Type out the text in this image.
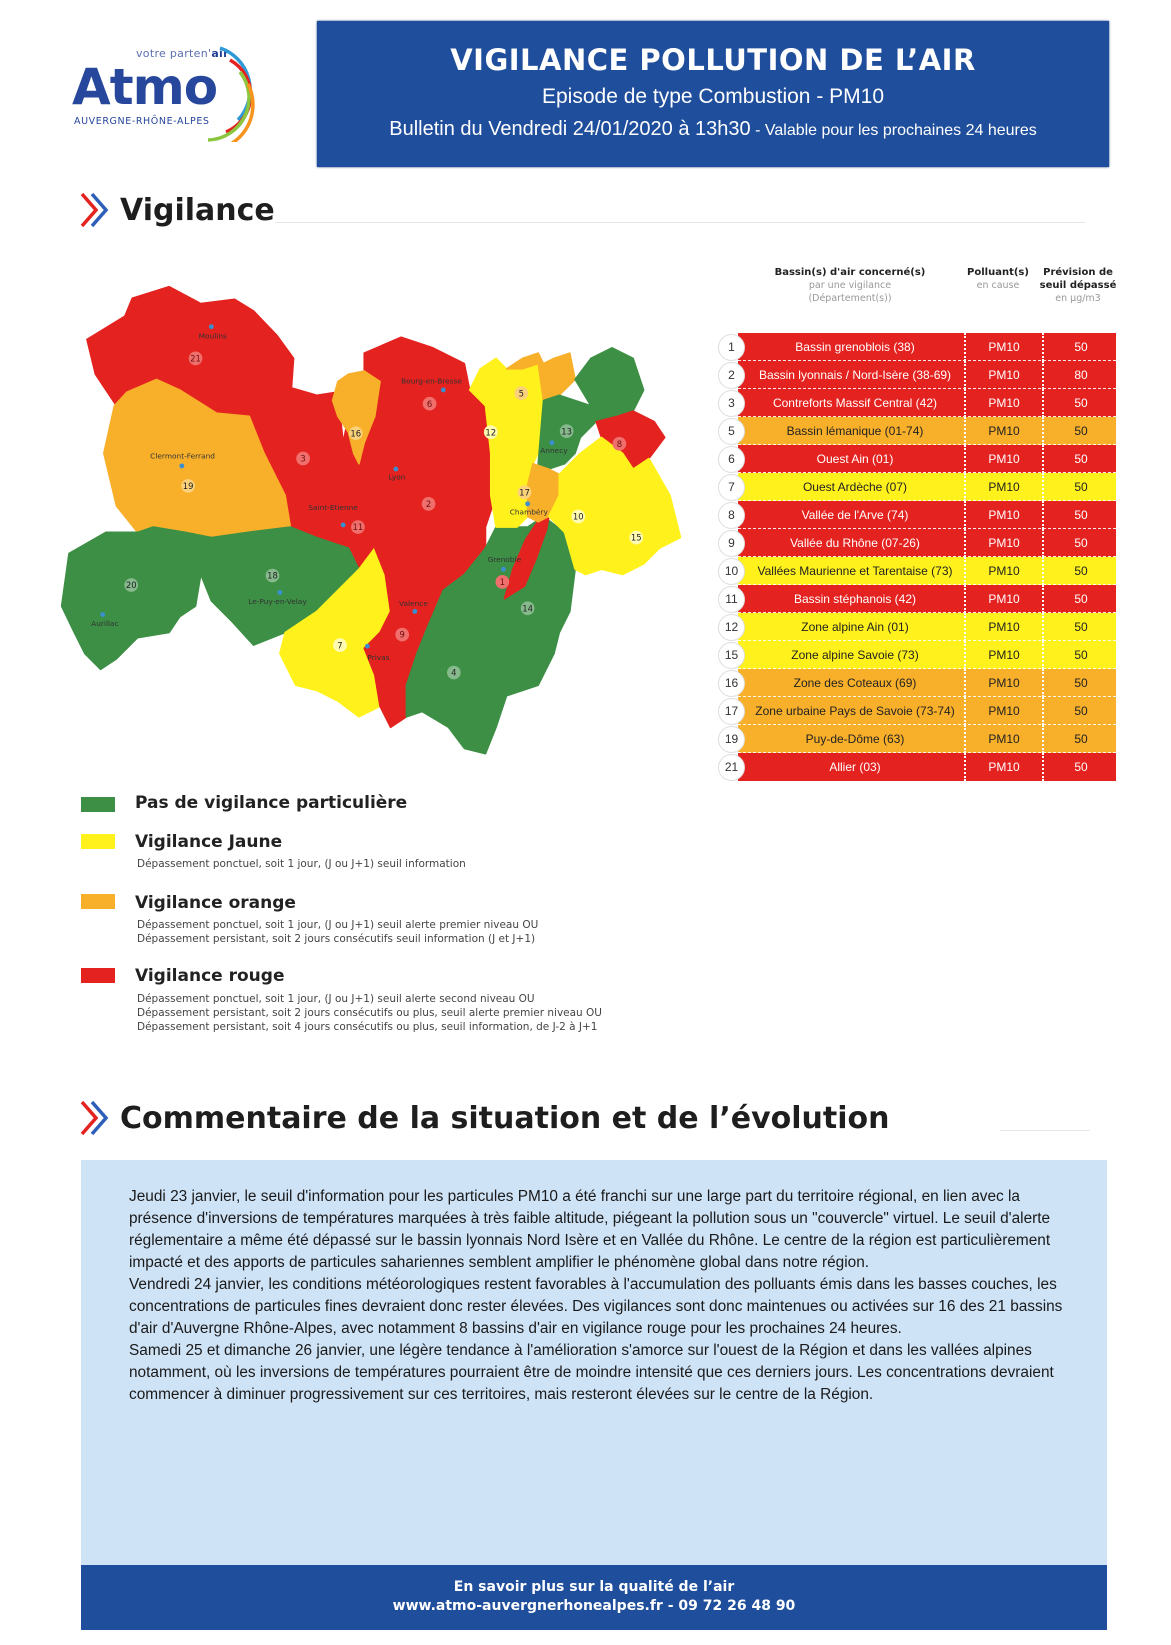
votre parten'air
Atmo
AUVERGNE-RHÔNE-ALPES
VIGILANCE POLLUTION DE L’AIR
Episode de type Combustion - PM10
Bulletin du Vendredi 24/01/2020 à 13h30 - Valable pour les prochaines 24 heures
Vigilance
Moulins
Clermont-Ferrand
Bourg-en-Bresse
Lyon
Saint-Etienne
Annecy
Chambéry
Grenoble
Valence
Privas
Le-Puy-en-Velay
Aurillac
1
2
3
4
5
6
7
8
9
10
11
12	13
14
15
16
17
18
19
20
21
Bassin(s) d'air concerné(s)
par une vigilance
(Département(s))
Polluant(s)
en cause
Prévision de
seuil dépassé
en µg/m3
1	Bassin grenoblois (38)	PM10	50
2	Bassin lyonnais / Nord-Isère (38-69)	PM10	80
3	Contreforts Massif Central (42)	PM10	50
5	Bassin lémanique (01-74)	PM10	50
6	Ouest Ain (01)	PM10	50
7	Ouest Ardèche (07)	PM10	50
8	Vallée de l'Arve (74)	PM10	50
9	Vallée du Rhône (07-26)	PM10	50
10	Vallées Maurienne et Tarentaise (73)	PM10	50
11	Bassin stéphanois (42)	PM10	50
12	Zone alpine Ain (01)	PM10	50
15	Zone alpine Savoie (73)	PM10	50
16	Zone des Coteaux (69)	PM10	50
17	Zone urbaine Pays de Savoie (73-74)	PM10	50
19	Puy-de-Dôme (63)	PM10	50
21	Allier (03)	PM10	50
Pas de vigilance particulière
Vigilance Jaune
Dépassement ponctuel, soit 1 jour, (J ou J+1) seuil information
Vigilance orange
Dépassement ponctuel, soit 1 jour, (J ou J+1) seuil alerte premier niveau OU
Dépassement persistant, soit 2 jours consécutifs seuil information (J et J+1)
Vigilance rouge
Dépassement ponctuel, soit 1 jour, (J ou J+1) seuil alerte second niveau OU
Dépassement persistant, soit 2 jours consécutifs ou plus, seuil alerte premier niveau OU
Dépassement persistant, soit 4 jours consécutifs ou plus, seuil information, de J-2 à J+1
Commentaire de la situation et de l’évolution

Jeudi 23 janvier, le seuil d'information pour les particules PM10 a été franchi sur une large part du territoire régional, en lien avec la présence d'inversions de températures marquées à très faible altitude, piégeant la pollution sous un "couvercle" virtuel. Le seuil d'alerte réglementaire a même été dépassé sur le bassin lyonnais Nord Isère et en Vallée du Rhône. Le centre de la région est particulièrement impacté et des apports de particules sahariennes semblent amplifier le phénomène global dans notre région.

Vendredi 24 janvier, les conditions météorologiques restent favorables à l'accumulation des polluants émis dans les basses couches, les concentrations de particules fines devraient donc rester élevées. Des vigilances sont donc maintenues ou activées sur 16 des 21 bassins d'air d'Auvergne Rhône-Alpes, avec notamment 8 bassins d'air en vigilance rouge pour les prochaines 24 heures.

Samedi 25 et dimanche 26 janvier, une légère tendance à l'amélioration s'amorce sur l'ouest de la Région et dans les vallées alpines notamment, où les inversions de températures pourraient être de moindre intensité que ces derniers jours. Les concentrations devraient commencer à diminuer progressivement sur ces territoires, mais resteront élevées sur le centre de la Région.

En savoir plus sur la qualité de l’air
www.atmo-auvergnerhonealpes.fr - 09 72 26 48 90
